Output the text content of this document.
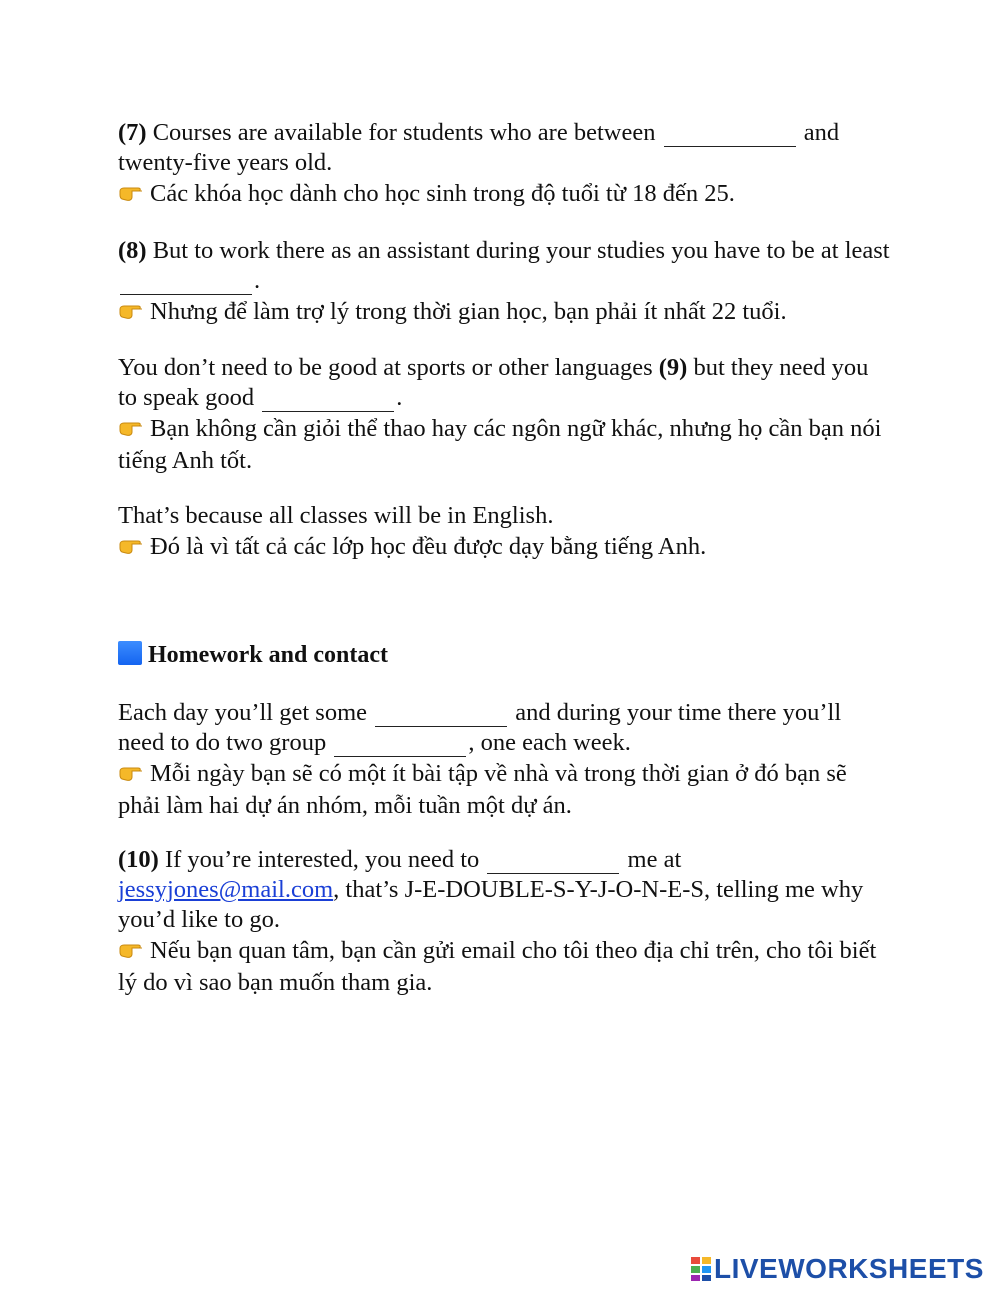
(7) Courses are available for students who are between	and twenty-five years old.

Các khóa học dành cho học sinh trong độ tuổi từ 18 đến 25.

(8) But to work there as an assistant during your studies you have to be at least .

Nhưng để làm trợ lý trong thời gian học, bạn phải ít nhất 22 tuổi.

You don’t need to be good at sports or other languages (9) but they need you to speak good	.

Bạn không cần giỏi thể thao hay các ngôn ngữ khác, nhưng họ cần bạn nói tiếng Anh tốt.

That’s because all classes will be in English.

Đó là vì tất cả các lớp học đều được dạy bằng tiếng Anh.

Homework and contact

Each day you’ll get some	and during your time there you’ll need to do two group	, one each week.

Mỗi ngày bạn sẽ có một ít bài tập về nhà và trong thời gian ở đó bạn sẽ phải làm hai dự án nhóm, mỗi tuần một dự án.

(10) If you’re interested, you need to	me at jessyjones@mail.com, that’s J-E-DOUBLE-S-Y-J-O-N-E-S, telling me why you’d like to go.

Nếu bạn quan tâm, bạn cần gửi email cho tôi theo địa chỉ trên, cho tôi biết lý do vì sao bạn muốn tham gia.

LIVEWORKSHEETS
